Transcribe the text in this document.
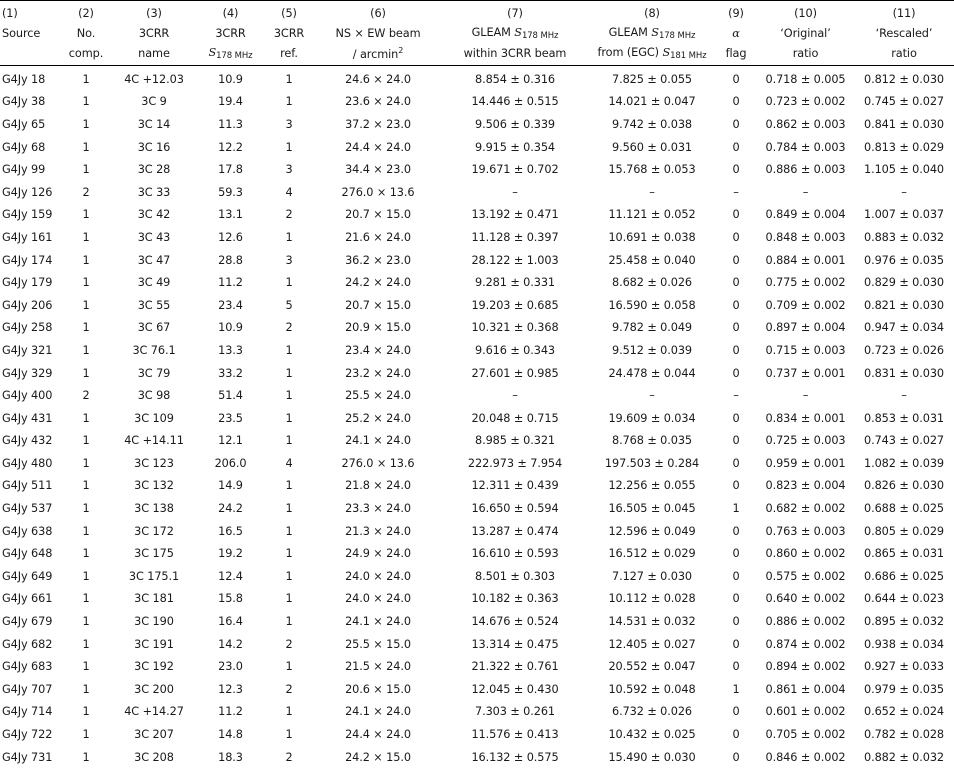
(1)	(2)	(3)	(4)	(5)	(6)	(7)	(8)	(9)	(10)	(11)
Source	No.	3CRR	3CRR	3CRR	NS × EW beam	GLEAM $S_{178 MHz}$	GLEAM $S_{178 MHz}$	α	‘Original’	‘Rescaled’
	comp.	name	$S_{178 MHz}$	ref.	/ arcmin$^2$	within 3CRR beam	from (EGC) $S_{181 MHz}$	flag	ratio	ratio
G4Jy 18	1	4C +12.03	10.9	1	24.6 × 24.0	8.854 ± 0.316	7.825 ± 0.055	0	0.718 ± 0.005	0.812 ± 0.030
G4Jy 38	1	3C 9	19.4	1	23.6 × 24.0	14.446 ± 0.515	14.021 ± 0.047	0	0.723 ± 0.002	0.745 ± 0.027
G4Jy 65	1	3C 14	11.3	3	37.2 × 23.0	9.506 ± 0.339	9.742 ± 0.038	0	0.862 ± 0.003	0.841 ± 0.030
G4Jy 68	1	3C 16	12.2	1	24.4 × 24.0	9.915 ± 0.354	9.560 ± 0.031	0	0.784 ± 0.003	0.813 ± 0.029
G4Jy 99	1	3C 28	17.8	3	34.4 × 23.0	19.671 ± 0.702	15.768 ± 0.053	0	0.886 ± 0.003	1.105 ± 0.040
G4Jy 126	2	3C 33	59.3	4	276.0 × 13.6	–	–	–	–	–
G4Jy 159	1	3C 42	13.1	2	20.7 × 15.0	13.192 ± 0.471	11.121 ± 0.052	0	0.849 ± 0.004	1.007 ± 0.037
G4Jy 161	1	3C 43	12.6	1	21.6 × 24.0	11.128 ± 0.397	10.691 ± 0.038	0	0.848 ± 0.003	0.883 ± 0.032
G4Jy 174	1	3C 47	28.8	3	36.2 × 23.0	28.122 ± 1.003	25.458 ± 0.040	0	0.884 ± 0.001	0.976 ± 0.035
G4Jy 179	1	3C 49	11.2	1	24.2 × 24.0	9.281 ± 0.331	8.682 ± 0.026	0	0.775 ± 0.002	0.829 ± 0.030
G4Jy 206	1	3C 55	23.4	5	20.7 × 15.0	19.203 ± 0.685	16.590 ± 0.058	0	0.709 ± 0.002	0.821 ± 0.030
G4Jy 258	1	3C 67	10.9	2	20.9 × 15.0	10.321 ± 0.368	9.782 ± 0.049	0	0.897 ± 0.004	0.947 ± 0.034
G4Jy 321	1	3C 76.1	13.3	1	23.4 × 24.0	9.616 ± 0.343	9.512 ± 0.039	0	0.715 ± 0.003	0.723 ± 0.026
G4Jy 329	1	3C 79	33.2	1	23.2 × 24.0	27.601 ± 0.985	24.478 ± 0.044	0	0.737 ± 0.001	0.831 ± 0.030
G4Jy 400	2	3C 98	51.4	1	25.5 × 24.0	–	–	–	–	–
G4Jy 431	1	3C 109	23.5	1	25.2 × 24.0	20.048 ± 0.715	19.609 ± 0.034	0	0.834 ± 0.001	0.853 ± 0.031
G4Jy 432	1	4C +14.11	12.1	1	24.1 × 24.0	8.985 ± 0.321	8.768 ± 0.035	0	0.725 ± 0.003	0.743 ± 0.027
G4Jy 480	1	3C 123	206.0	4	276.0 × 13.6	222.973 ± 7.954	197.503 ± 0.284	0	0.959 ± 0.001	1.082 ± 0.039
G4Jy 511	1	3C 132	14.9	1	21.8 × 24.0	12.311 ± 0.439	12.256 ± 0.055	0	0.823 ± 0.004	0.826 ± 0.030
G4Jy 537	1	3C 138	24.2	1	23.3 × 24.0	16.650 ± 0.594	16.505 ± 0.045	1	0.682 ± 0.002	0.688 ± 0.025
G4Jy 638	1	3C 172	16.5	1	21.3 × 24.0	13.287 ± 0.474	12.596 ± 0.049	0	0.763 ± 0.003	0.805 ± 0.029
G4Jy 648	1	3C 175	19.2	1	24.9 × 24.0	16.610 ± 0.593	16.512 ± 0.029	0	0.860 ± 0.002	0.865 ± 0.031
G4Jy 649	1	3C 175.1	12.4	1	24.0 × 24.0	8.501 ± 0.303	7.127 ± 0.030	0	0.575 ± 0.002	0.686 ± 0.025
G4Jy 661	1	3C 181	15.8	1	24.0 × 24.0	10.182 ± 0.363	10.112 ± 0.028	0	0.640 ± 0.002	0.644 ± 0.023
G4Jy 679	1	3C 190	16.4	1	24.1 × 24.0	14.676 ± 0.524	14.531 ± 0.032	0	0.886 ± 0.002	0.895 ± 0.032
G4Jy 682	1	3C 191	14.2	2	25.5 × 15.0	13.314 ± 0.475	12.405 ± 0.027	0	0.874 ± 0.002	0.938 ± 0.034
G4Jy 683	1	3C 192	23.0	1	21.5 × 24.0	21.322 ± 0.761	20.552 ± 0.047	0	0.894 ± 0.002	0.927 ± 0.033
G4Jy 707	1	3C 200	12.3	2	20.6 × 15.0	12.045 ± 0.430	10.592 ± 0.048	1	0.861 ± 0.004	0.979 ± 0.035
G4Jy 714	1	4C +14.27	11.2	1	24.1 × 24.0	7.303 ± 0.261	6.732 ± 0.026	0	0.601 ± 0.002	0.652 ± 0.024
G4Jy 722	1	3C 207	14.8	1	24.4 × 24.0	11.576 ± 0.413	10.432 ± 0.025	0	0.705 ± 0.002	0.782 ± 0.028
G4Jy 731	1	3C 208	18.3	2	24.2 × 15.0	16.132 ± 0.575	15.490 ± 0.030	0	0.846 ± 0.002	0.882 ± 0.032
